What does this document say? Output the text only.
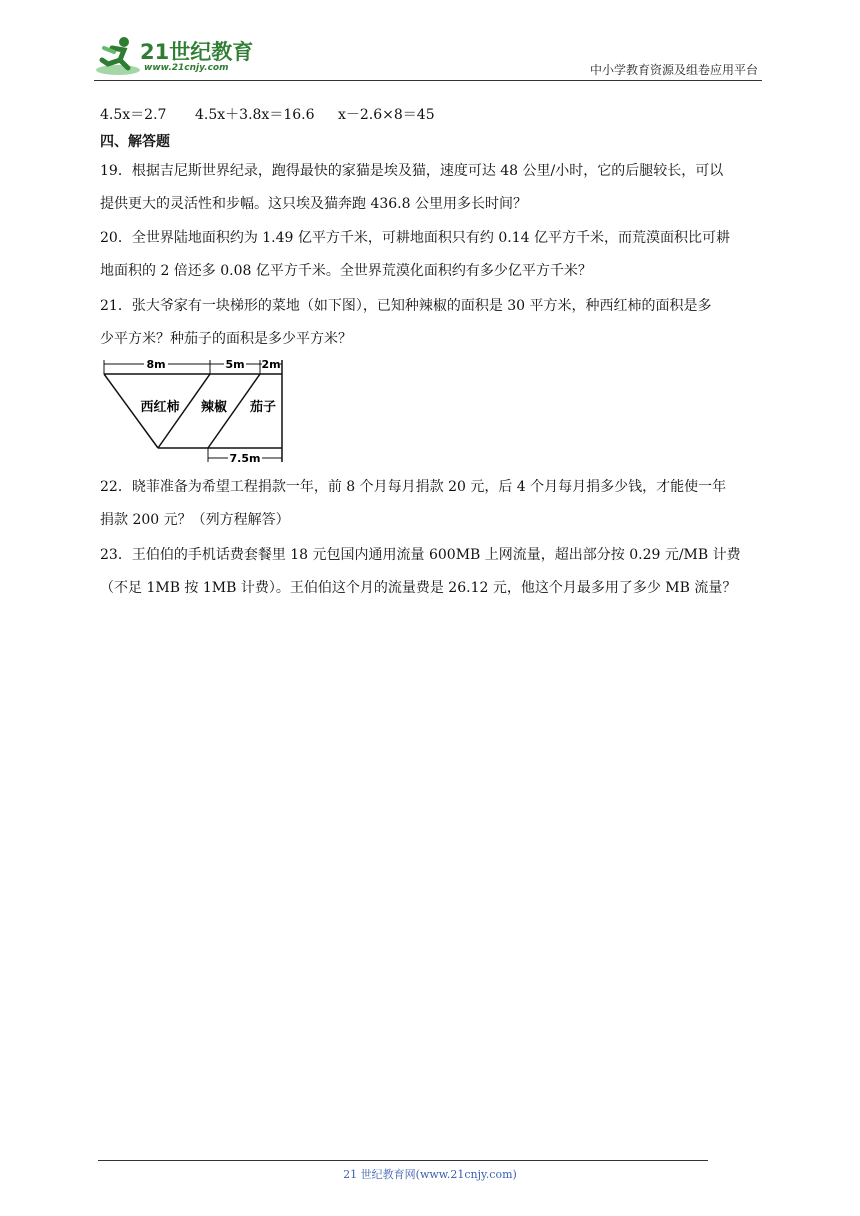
21世纪教育
www.21cnjy.com	中小学教育资源及组卷应用平台
4.5x＝2.7 4.5x＋3.8x＝16.6 x－2.6×8＝45
四、解答题
19．根据吉尼斯世界纪录，跑得最快的家猫是埃及猫，速度可达 48 公里/小时，它的后腿较长，可以
提供更大的灵活性和步幅。这只埃及猫奔跑 436.8 公里用多长时间？
20．全世界陆地面积约为 1.49 亿平方千米，可耕地面积只有约 0.14 亿平方千米，而荒漠面积比可耕
地面积的 2 倍还多 0.08 亿平方千米。全世界荒漠化面积约有多少亿平方千米？
21．张大爷家有一块梯形的菜地（如下图），已知种辣椒的面积是 30 平方米，种西红柿的面积是多
少平方米？种茄子的面积是多少平方米？
8m	5m 2m
7.5m
西红柿 辣椒 茄子
22．晓菲准备为希望工程捐款一年，前 8 个月每月捐款 20 元，后 4 个月每月捐多少钱，才能使一年
捐款 200 元？（列方程解答）
23．王伯伯的手机话费套餐里 18 元包国内通用流量 600MB 上网流量，超出部分按 0.29 元/MB 计费
（不足 1MB 按 1MB 计费）。王伯伯这个月的流量费是 26.12 元，他这个月最多用了多少 MB 流量？
21 世纪教育网(www.21cnjy.com)
